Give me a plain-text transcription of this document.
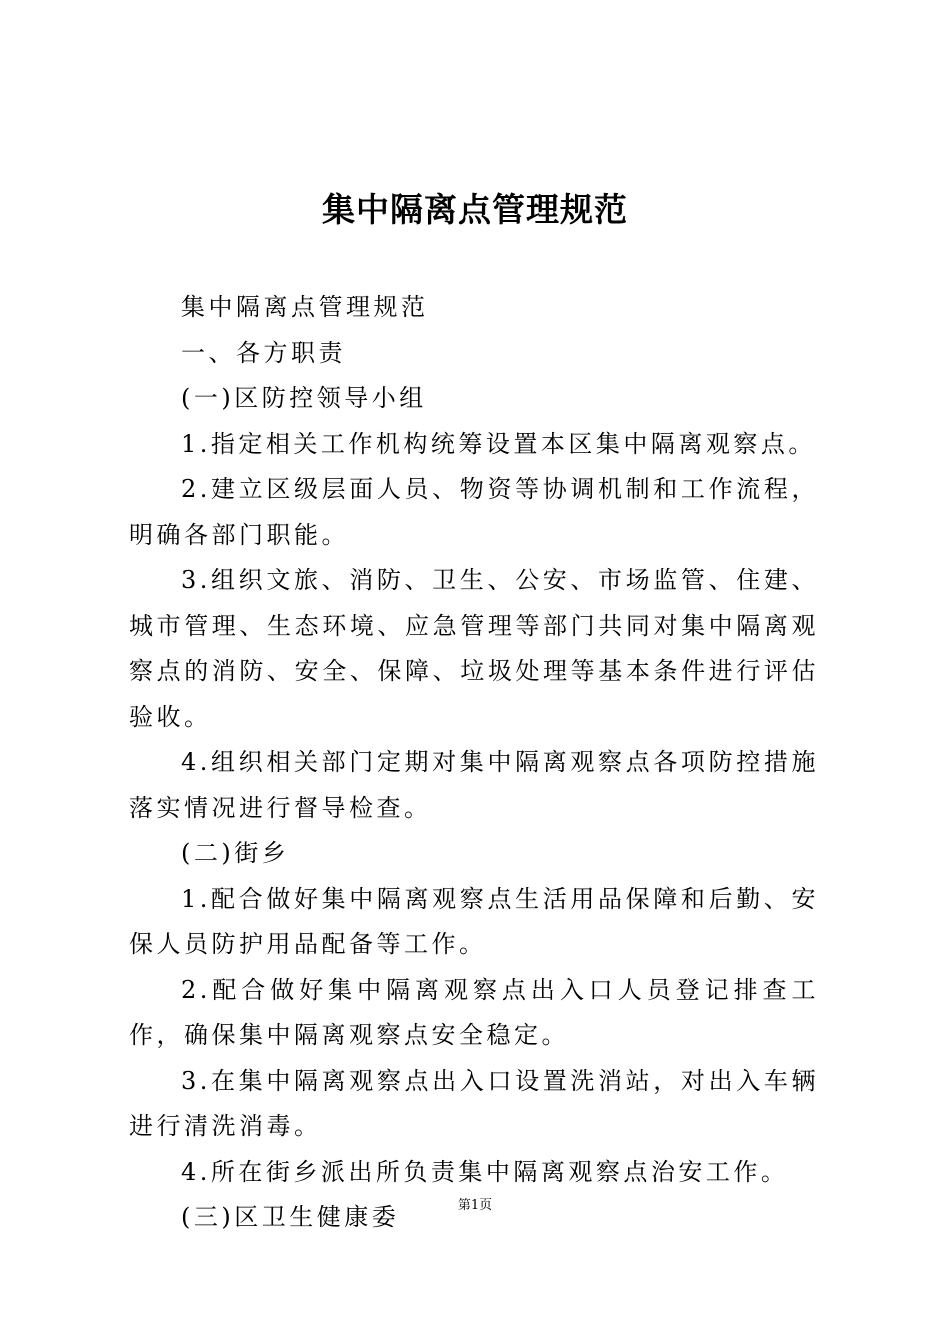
集中隔离点管理规范

集中隔离点管理规范

一、各方职责

(一)区防控领导小组

1.指定相关工作机构统筹设置本区集中隔离观察点。

2.建立区级层面人员、物资等协调机制和工作流程，明确各部门职能。

3.组织文旅、消防、卫生、公安、市场监管、住建、城市管理、生态环境、应急管理等部门共同对集中隔离观察点的消防、安全、保障、垃圾处理等基本条件进行评估验收。

4.组织相关部门定期对集中隔离观察点各项防控措施落实情况进行督导检查。

(二)街乡

1.配合做好集中隔离观察点生活用品保障和后勤、安保人员防护用品配备等工作。

2.配合做好集中隔离观察点出入口人员登记排查工作，确保集中隔离观察点安全稳定。

3.在集中隔离观察点出入口设置洗消站，对出入车辆进行清洗消毒。

4.所在街乡派出所负责集中隔离观察点治安工作。

(三)区卫生健康委	第1页
